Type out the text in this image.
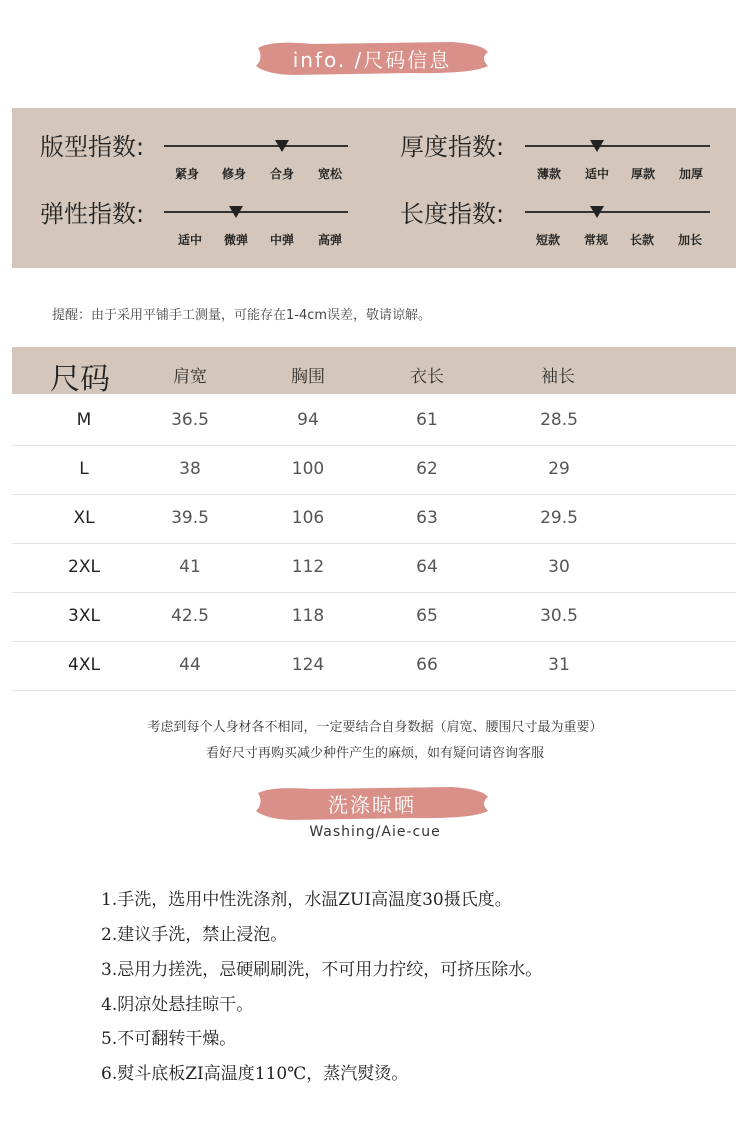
info. /尺码信息
版型指数:
紧身	修身	合身	宽松
厚度指数:
薄款	适中	厚款	加厚
弹性指数:
适中	微弹	中弹	高弹
长度指数:
短款	常规	长款	加长
提醒：由于采用平铺手工测量，可能存在1-4cm误差，敬请谅解。
尺码	肩宽	胸围	衣长	袖长
M	36.5	94	61	28.5
L	38	100	62	29
XL	39.5	106	63	29.5
2XL	41	112	64	30
3XL	42.5	118	65	30.5
4XL	44	124	66	31
考虑到每个人身材各不相同，一定要结合自身数据（肩宽、腰围尺寸最为重要）
看好尺寸再购买减少种件产生的麻烦，如有疑问请咨询客服
洗涤晾晒
Washing/Aie-cue
1.手洗，选用中性洗涤剂，水温ZUI高温度30摄氏度。
2.建议手洗，禁止浸泡。
3.忌用力搓洗，忌硬刷刷洗，不可用力拧绞，可挤压除水。
4.阴凉处悬挂晾干。
5.不可翻转干燥。
6.熨斗底板ZI高温度110℃，蒸汽熨烫。
